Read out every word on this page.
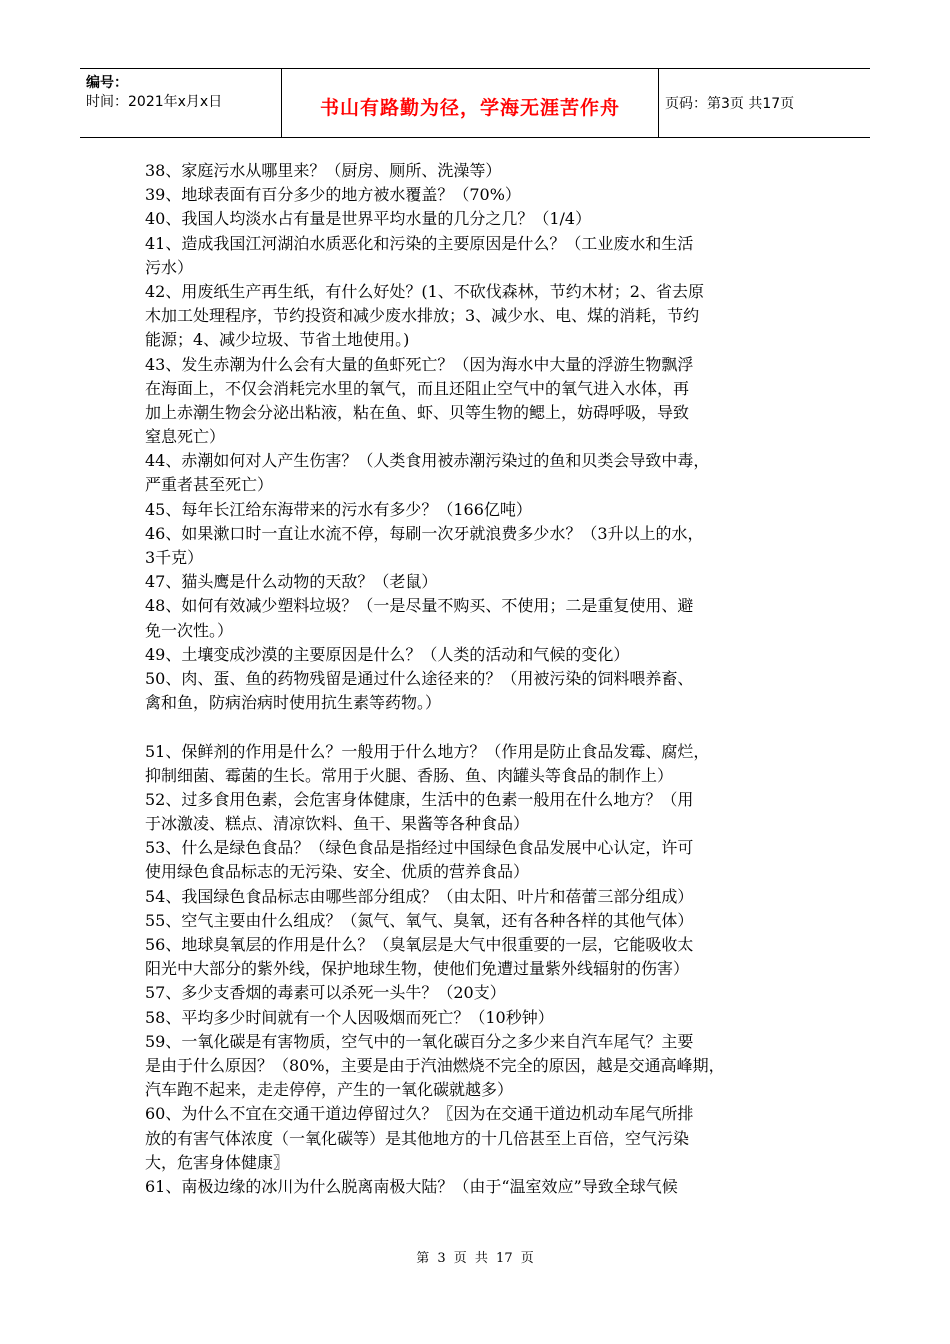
编号：
时间：2021年x月x日	书山有路勤为径，学海无涯苦作舟	页码：第3页 共17页
38、家庭污水从哪里来？（厨房、厕所、洗澡等）
39、地球表面有百分多少的地方被水覆盖？（70%）
40、我国人均淡水占有量是世界平均水量的几分之几？（1/4）
41、造成我国江河湖泊水质恶化和污染的主要原因是什么？（工业废水和生活
污水）
42、用废纸生产再生纸，有什么好处？(1、不砍伐森林，节约木材；2、省去原
木加工处理程序，节约投资和减少废水排放；3、减少水、电、煤的消耗，节约
能源；4、减少垃圾、节省土地使用。)
43、发生赤潮为什么会有大量的鱼虾死亡？（因为海水中大量的浮游生物飘浮
在海面上，不仅会消耗完水里的氧气，而且还阻止空气中的氧气进入水体，再
加上赤潮生物会分泌出粘液，粘在鱼、虾、贝等生物的鳃上，妨碍呼吸，导致
窒息死亡）
44、赤潮如何对人产生伤害？（人类食用被赤潮污染过的鱼和贝类会导致中毒，
严重者甚至死亡）
45、每年长江给东海带来的污水有多少？（166亿吨）
46、如果漱口时一直让水流不停，每刷一次牙就浪费多少水？（3升以上的水，
3千克）
47、猫头鹰是什么动物的天敌？（老鼠）
48、如何有效减少塑料垃圾？（一是尽量不购买、不使用；二是重复使用、避
免一次性。）
49、土壤变成沙漠的主要原因是什么？（人类的活动和气候的变化）
50、肉、蛋、鱼的药物残留是通过什么途径来的？（用被污染的饲料喂养畜、
禽和鱼，防病治病时使用抗生素等药物。）
51、保鲜剂的作用是什么？一般用于什么地方？（作用是防止食品发霉、腐烂，
抑制细菌、霉菌的生长。常用于火腿、香肠、鱼、肉罐头等食品的制作上）
52、过多食用色素，会危害身体健康，生活中的色素一般用在什么地方？（用
于冰激凌、糕点、清凉饮料、鱼干、果酱等各种食品）
53、什么是绿色食品？（绿色食品是指经过中国绿色食品发展中心认定，许可
使用绿色食品标志的无污染、安全、优质的营养食品）
54、我国绿色食品标志由哪些部分组成？（由太阳、叶片和蓓蕾三部分组成）
55、空气主要由什么组成？（氮气、氧气、臭氧，还有各种各样的其他气体）
56、地球臭氧层的作用是什么？（臭氧层是大气中很重要的一层，它能吸收太
阳光中大部分的紫外线，保护地球生物，使他们免遭过量紫外线辐射的伤害）
57、多少支香烟的毒素可以杀死一头牛？（20支）
58、平均多少时间就有一个人因吸烟而死亡？（10秒钟）
59、一氧化碳是有害物质，空气中的一氧化碳百分之多少来自汽车尾气？主要
是由于什么原因？（80%，主要是由于汽油燃烧不完全的原因，越是交通高峰期，
汽车跑不起来，走走停停，产生的一氧化碳就越多）
60、为什么不宜在交通干道边停留过久？〖因为在交通干道边机动车尾气所排
放的有害气体浓度（一氧化碳等）是其他地方的十几倍甚至上百倍，空气污染
大，危害身体健康〗
61、南极边缘的冰川为什么脱离南极大陆？（由于“温室效应”导致全球气候
第 3 页 共 17 页
